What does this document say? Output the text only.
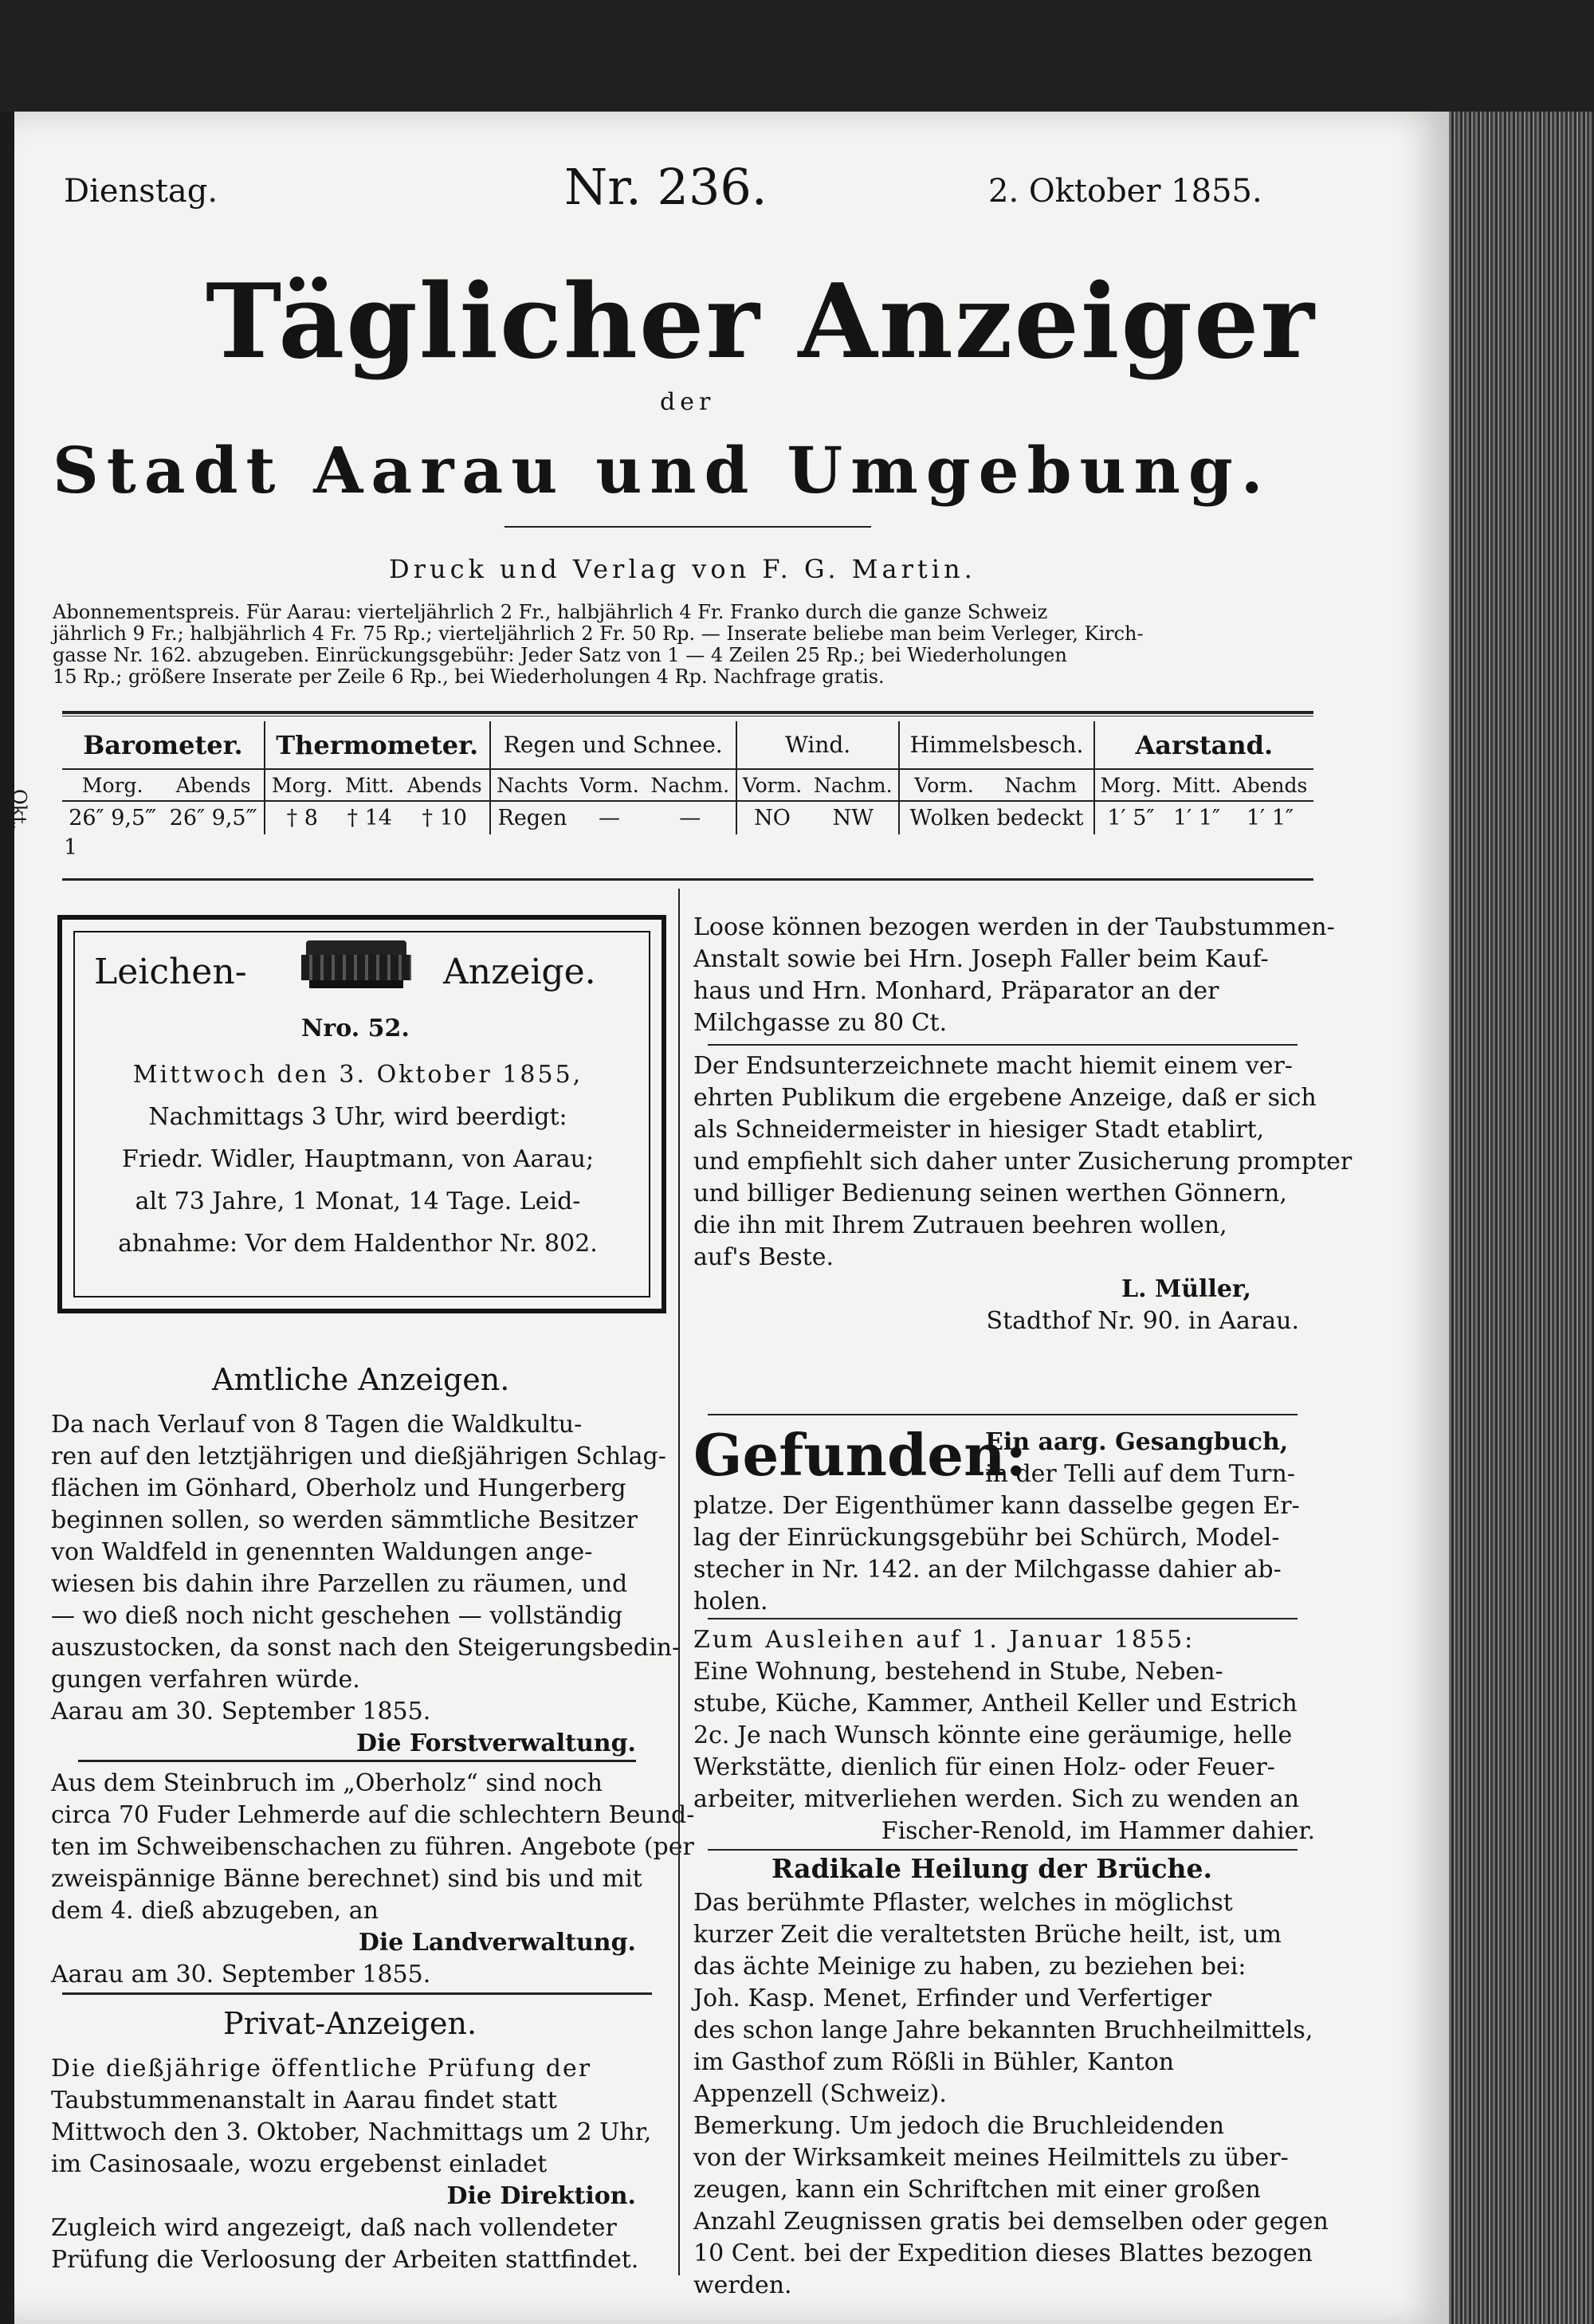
Dienstag.	Nr. 236.	2. Oktober 1855.
Täglicher Anzeiger
der
Stadt Aarau und Umgebung.
Druck und Verlag von F. G. Martin.

Abonnementspreis. Für Aarau: vierteljährlich 2 Fr., halbjährlich 4 Fr. Franko durch die ganze Schweiz

jährlich 9 Fr.; halbjährlich 4 Fr. 75 Rp.; vierteljährlich 2 Fr. 50 Rp. — Inserate beliebe man beim Verleger, Kirch-

gasse Nr. 162. abzugeben. Einrückungsgebühr: Jeder Satz von 1 — 4 Zeilen 25 Rp.; bei Wiederholungen

15 Rp.; größere Inserate per Zeile 6 Rp., bei Wiederholungen 4 Rp. Nachfrage gratis.

Okt.
Barometer.		Thermometer.			Regen und Schnee.			Wind.		Himmelsbesch.		Aarstand.		
Morg.	Abends	Morg.	Mitt.	Abends	Nachts	Vorm.	Nachm.	Vorm.	Nachm.	Vorm.	Nachm	Morg.	Mitt.	Abends
26″ 9,5‴	26″ 9,5‴	† 8	† 14	† 10	Regen	—	—	NO	NW	Wolken bedeckt		1′ 5″	1′ 1″	1′ 1″
1
Leichen-	Anzeige.
Nro. 52.

Mittwoch den 3. Oktober 1855,

Nachmittags 3 Uhr, wird beerdigt:

Friedr. Widler, Hauptmann, von Aarau;

alt 73 Jahre, 1 Monat, 14 Tage. Leid-

abnahme: Vor dem Haldenthor Nr. 802.

Amtliche Anzeigen.

Da nach Verlauf von 8 Tagen die Waldkultu-

ren auf den letztjährigen und dießjährigen Schlag-

flächen im Gönhard, Oberholz und Hungerberg

beginnen sollen, so werden sämmtliche Besitzer

von Waldfeld in genennten Waldungen ange-

wiesen bis dahin ihre Parzellen zu räumen, und

— wo dieß noch nicht geschehen — vollständig

auszustocken, da sonst nach den Steigerungsbedin-

gungen verfahren würde.

Aarau am 30. September 1855.

Die Forstverwaltung.

Aus dem Steinbruch im „Oberholz“ sind noch

circa 70 Fuder Lehmerde auf die schlechtern Beund-

ten im Schweibenschachen zu führen. Angebote (per

zweispännige Bänne berechnet) sind bis und mit

dem 4. dieß abzugeben, an

Die Landverwaltung.

Aarau am 30. September 1855.

Privat-Anzeigen.

Die dießjährige öffentliche Prüfung der

Taubstummenanstalt in Aarau findet statt

Mittwoch den 3. Oktober, Nachmittags um 2 Uhr,

im Casinosaale, wozu ergebenst einladet

Die Direktion.

Zugleich wird angezeigt, daß nach vollendeter

Prüfung die Verloosung der Arbeiten stattfindet.

Loose können bezogen werden in der Taubstummen-

Anstalt sowie bei Hrn. Joseph Faller beim Kauf-

haus und Hrn. Monhard, Präparator an der

Milchgasse zu 80 Ct.

Der Endsunterzeichnete macht hiemit einem ver-

ehrten Publikum die ergebene Anzeige, daß er sich

als Schneidermeister in hiesiger Stadt etablirt,

und empfiehlt sich daher unter Zusicherung prompter

und billiger Bedienung seinen werthen Gönnern,

die ihn mit Ihrem Zutrauen beehren wollen,

auf's Beste.

L. Müller,

Stadthof Nr. 90. in Aarau.

Gefunden:

Ein aarg. Gesangbuch,

in der Telli auf dem Turn-

platze. Der Eigenthümer kann dasselbe gegen Er-

lag der Einrückungsgebühr bei Schürch, Model-

stecher in Nr. 142. an der Milchgasse dahier ab-

holen.

Zum Ausleihen auf 1. Januar 1855:

Eine Wohnung, bestehend in Stube, Neben-

stube, Küche, Kammer, Antheil Keller und Estrich

2c. Je nach Wunsch könnte eine geräumige, helle

Werkstätte, dienlich für einen Holz- oder Feuer-

arbeiter, mitverliehen werden. Sich zu wenden an

Fischer-Renold, im Hammer dahier.

Radikale Heilung der Brüche.

Das berühmte Pflaster, welches in möglichst

kurzer Zeit die veraltetsten Brüche heilt, ist, um

das ächte Meinige zu haben, zu beziehen bei:

Joh. Kasp. Menet, Erfinder und Verfertiger

des schon lange Jahre bekannten Bruchheilmittels,

im Gasthof zum Rößli in Bühler, Kanton

Appenzell (Schweiz).

Bemerkung. Um jedoch die Bruchleidenden

von der Wirksamkeit meines Heilmittels zu über-

zeugen, kann ein Schriftchen mit einer großen

Anzahl Zeugnissen gratis bei demselben oder gegen

10 Cent. bei der Expedition dieses Blattes bezogen

werden.
